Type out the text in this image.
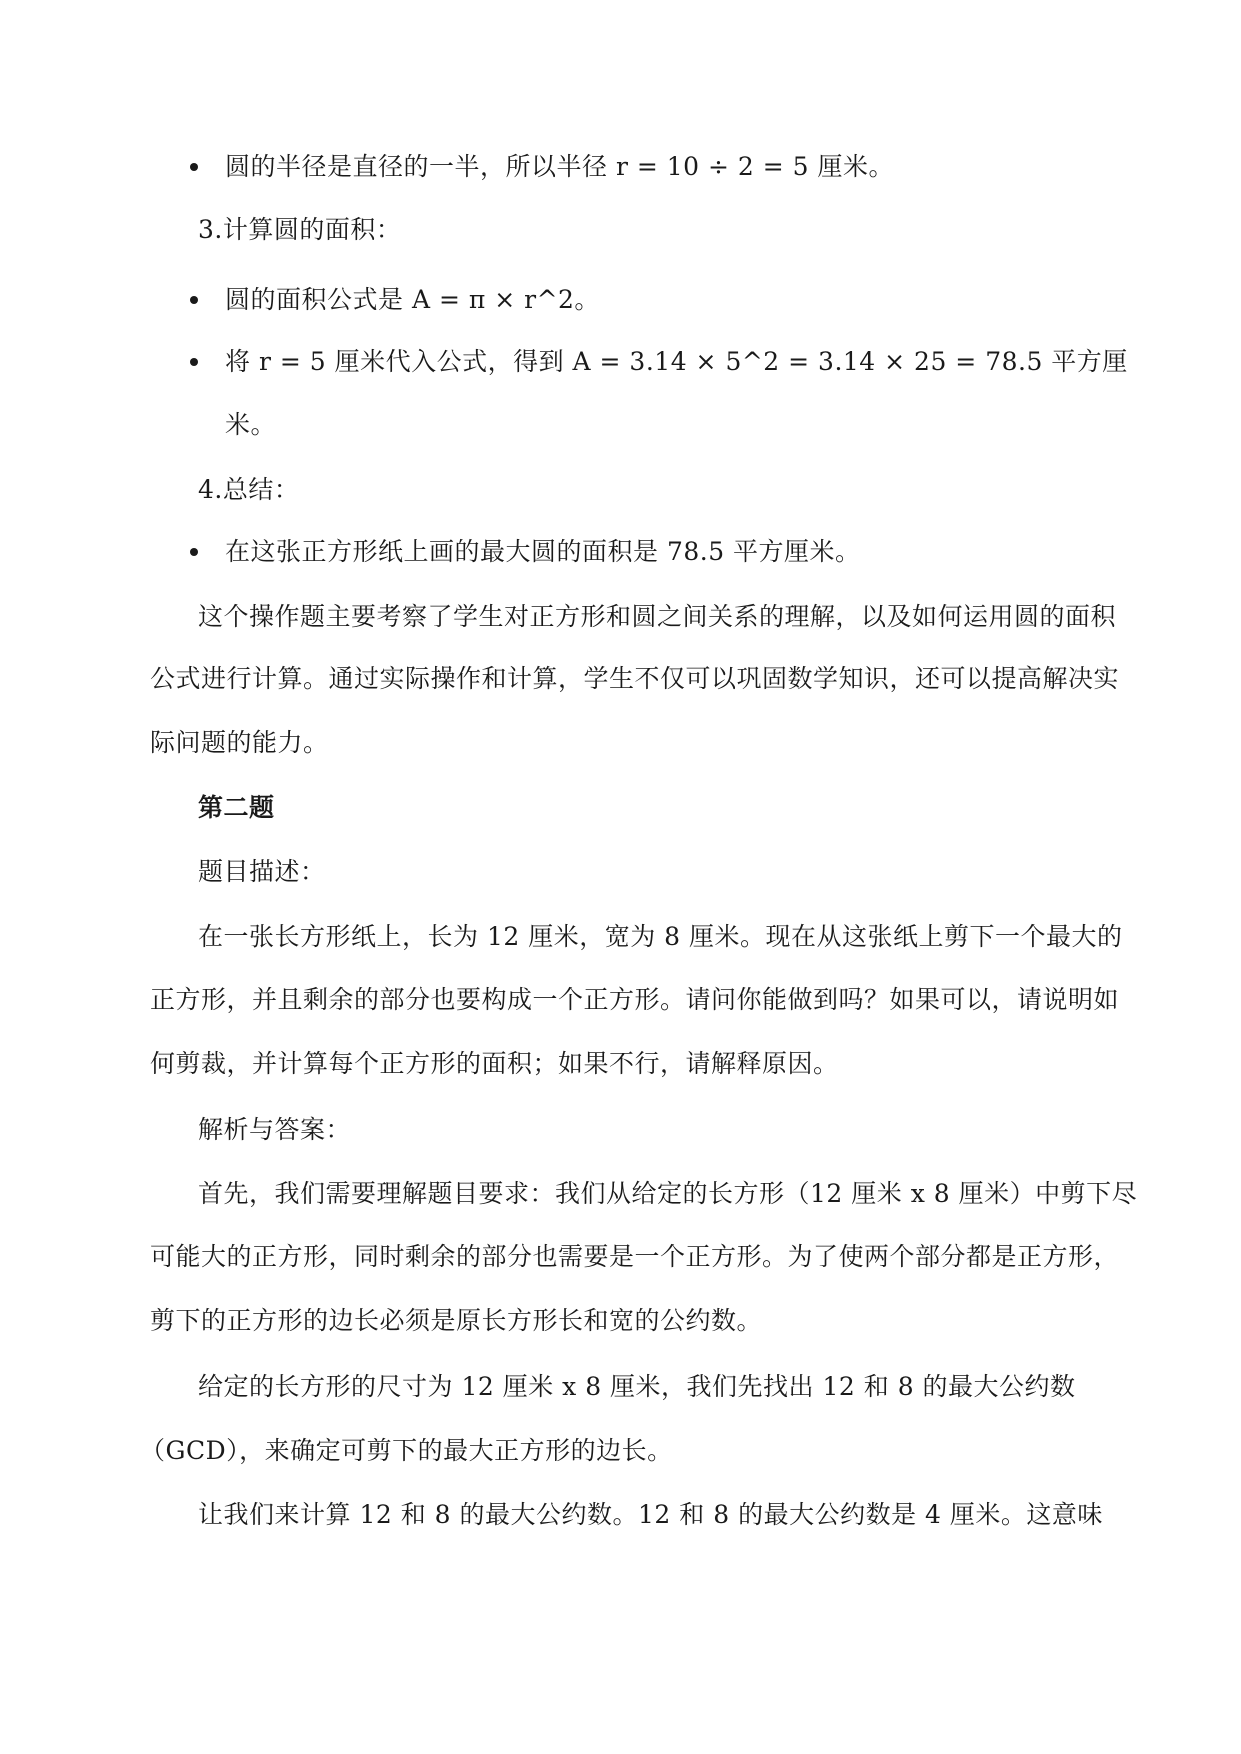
圆的半径是直径的一半，所以半径 r = 10 ÷ 2 = 5 厘米。
3.计算圆的面积：
圆的面积公式是 A = π × r^2。
将 r = 5 厘米代入公式，得到 A = 3.14 × 5^2 = 3.14 × 25 = 78.5 平方厘
米。
4.总结：
在这张正方形纸上画的最大圆的面积是 78.5 平方厘米。
这个操作题主要考察了学生对正方形和圆之间关系的理解，以及如何运用圆的面积
公式进行计算。通过实际操作和计算，学生不仅可以巩固数学知识，还可以提高解决实
际问题的能力。
第二题
题目描述：
在一张长方形纸上，长为 12 厘米，宽为 8 厘米。现在从这张纸上剪下一个最大的
正方形，并且剩余的部分也要构成一个正方形。请问你能做到吗？如果可以，请说明如
何剪裁，并计算每个正方形的面积；如果不行，请解释原因。
解析与答案：
首先，我们需要理解题目要求：我们从给定的长方形（12 厘米 x 8 厘米）中剪下尽
可能大的正方形，同时剩余的部分也需要是一个正方形。为了使两个部分都是正方形，
剪下的正方形的边长必须是原长方形长和宽的公约数。
给定的长方形的尺寸为 12 厘米 x 8 厘米，我们先找出 12 和 8 的最大公约数
（GCD），来确定可剪下的最大正方形的边长。
让我们来计算 12 和 8 的最大公约数。12 和 8 的最大公约数是 4 厘米。这意味
